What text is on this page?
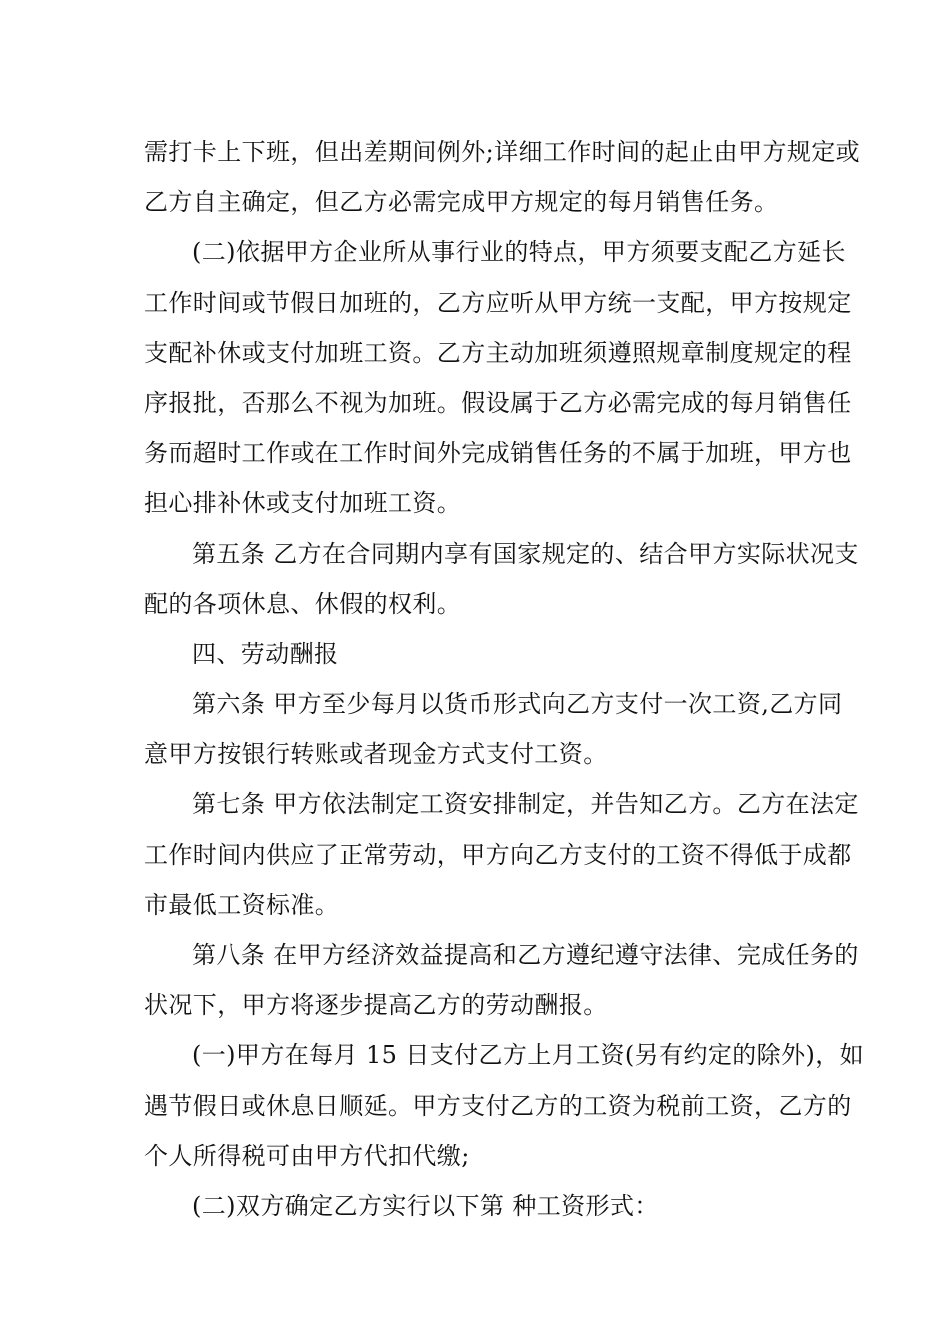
需打卡上下班，但出差期间例外;详细工作时间的起止由甲方规定或
乙方自主确定，但乙方必需完成甲方规定的每月销售任务。
(二)依据甲方企业所从事行业的特点，甲方须要支配乙方延长
工作时间或节假日加班的，乙方应听从甲方统一支配，甲方按规定
支配补休或支付加班工资。乙方主动加班须遵照规章制度规定的程
序报批，否那么不视为加班。假设属于乙方必需完成的每月销售任
务而超时工作或在工作时间外完成销售任务的不属于加班，甲方也
担心排补休或支付加班工资。
第五条 乙方在合同期内享有国家规定的、结合甲方实际状况支
配的各项休息、休假的权利。
四、劳动酬报
第六条 甲方至少每月以货币形式向乙方支付一次工资,乙方同
意甲方按银行转账或者现金方式支付工资。
第七条 甲方依法制定工资安排制定，并告知乙方。乙方在法定
工作时间内供应了正常劳动，甲方向乙方支付的工资不得低于成都
市最低工资标准。
第八条 在甲方经济效益提高和乙方遵纪遵守法律、完成任务的
状况下，甲方将逐步提高乙方的劳动酬报。
(一)甲方在每月 15 日支付乙方上月工资(另有约定的除外)，如
遇节假日或休息日顺延。甲方支付乙方的工资为税前工资，乙方的
个人所得税可由甲方代扣代缴;
(二)双方确定乙方实行以下第 种工资形式：
